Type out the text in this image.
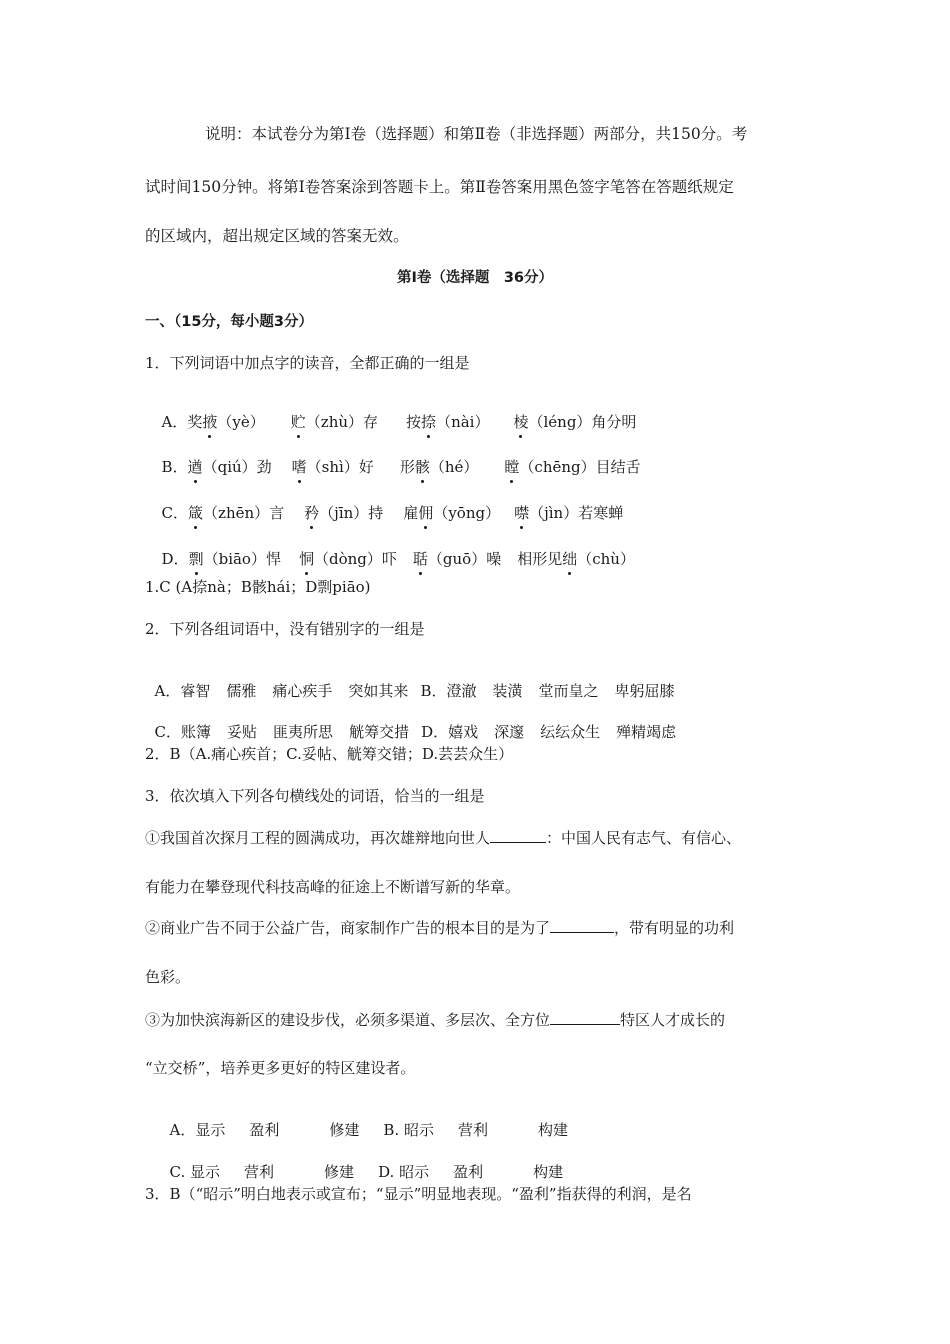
说明：本试卷分为第Ⅰ卷（选择题）和第Ⅱ卷（非选择题）两部分，共150分。考
试时间150分钟。将第Ⅰ卷答案涂到答题卡上。第Ⅱ卷答案用黑色签字笔答在答题纸规定
的区域内，超出规定区域的答案无效。
第Ⅰ卷（选择题　36分）
一、（15分，每小题3分）
1．下列词语中加点字的读音，全都正确的一组是

A．奖掖（yè） 贮（zhù）存 按捺（nài） 棱（léng）角分明

B．遒（qiú）劲 嗜（shì）好 形骸（hé） 瞠（chēng）目结舌

C．箴（zhēn）言 矜（jīn）持 雇佣（yōng） 噤（jìn）若寒蝉

D．剽（biāo）悍 恫（dòng）吓 聒（guō）噪 相形见绌（chù）

1.C (A捺nà；B骸hái；D剽piāo)
2．下列各组词语中，没有错别字的一组是

A．睿智 儒雅 痛心疾手 突如其来 B．澄澈 装潢 堂而皇之 卑躬屈膝

C．账簿 妥贴 匪夷所思 觥筹交措 D．嬉戏 深邃 纭纭众生 殚精竭虑

2．B（A.痛心疾首；C.妥帖、觥筹交错；D.芸芸众生）
3．依次填入下列各句横线处的词语，恰当的一组是
①我国首次探月工程的圆满成功，再次雄辩地向世人	：中国人民有志气、有信心、
有能力在攀登现代科技高峰的征途上不断谱写新的华章。
②商业广告不同于公益广告，商家制作广告的根本目的是为了	，带有明显的功利
色彩。
③为加快滨海新区的建设步伐，必须多渠道、多层次、全方位	特区人才成长的
“立交桥”，培养更多更好的特区建设者。

A．显示 盈利	修建 B. 昭示 营利	构建

C. 显示 营利	修建 D. 昭示 盈利	构建

3．B（“昭示”明白地表示或宣布；“显示”明显地表现。“盈利”指获得的利润，是名
